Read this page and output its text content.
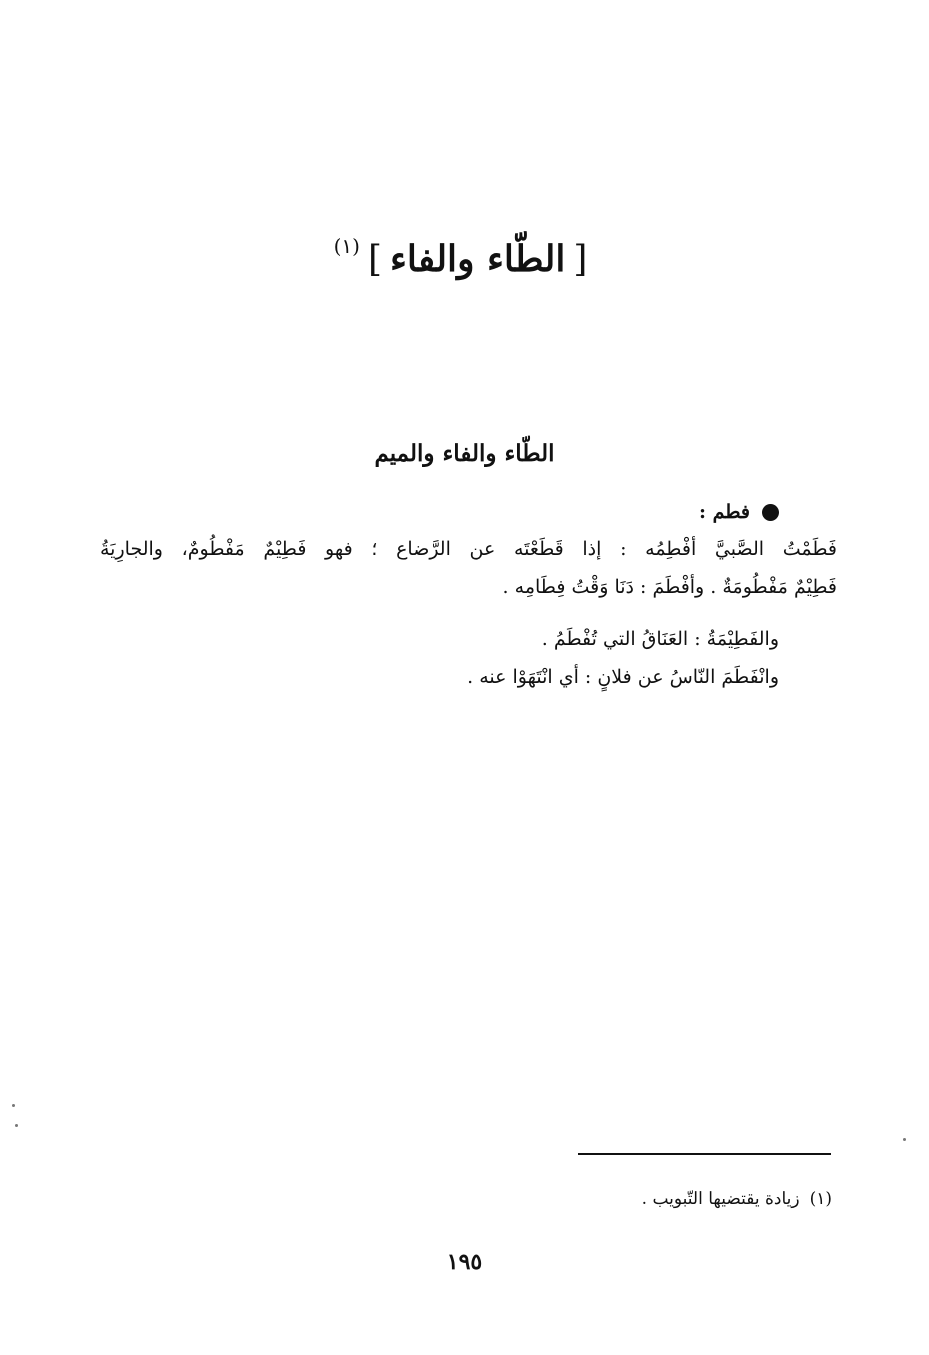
[الطّاء والفاء]$^{(١)}$
الطّاء والفاء والميم
فطم :
فَطَمْتُ الصَّبيَّ أفْطِمُه : إذا قَطَعْتَه عن الرَّضاع ؛ فهو فَطِيْمٌ مَفْطُومٌ، والجارِيَةُ
فَطِيْمٌ مَفْطُومَةٌ . وأفْطَمَ : دَنَا وَقْتُ فِطَامِه .
والفَطِيْمَةُ : العَنَاقُ التي تُفْطَمُ .
وانْفَطَمَ النّاسُ عن فلانٍ : أي انْتَهَوْا عنه .
(١)زيادة يقتضيها التّبويب .
١٩٥
